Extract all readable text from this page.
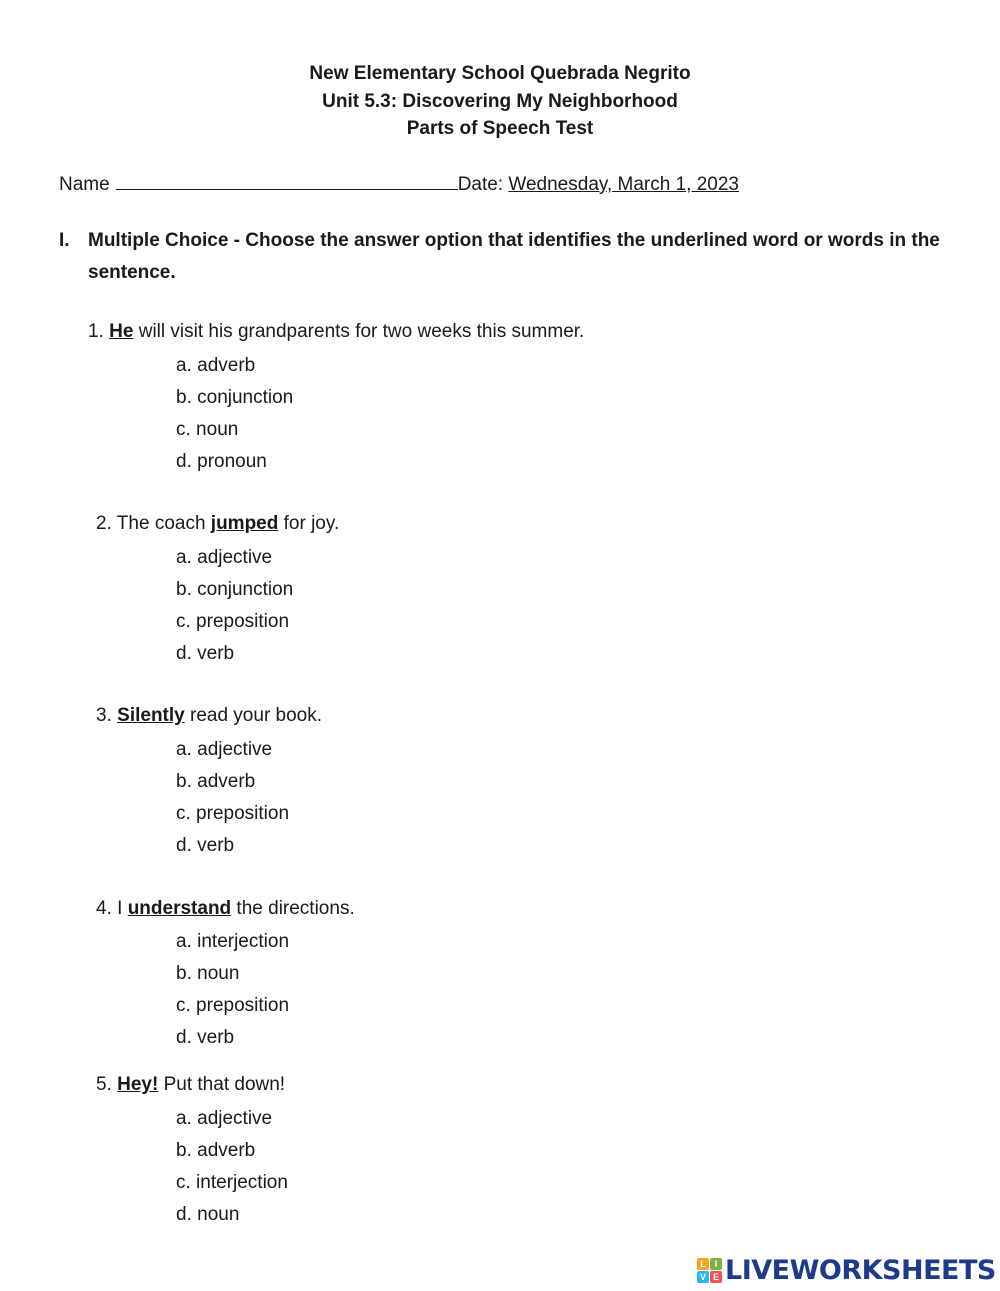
New Elementary School Quebrada Negrito
Unit 5.3: Discovering My Neighborhood
Parts of Speech Test
Name	Date: Wednesday, March 1, 2023
I. Multiple Choice - Choose the answer option that identifies the underlined word or words in the sentence.
1. He will visit his grandparents for two weeks this summer.
a. adverb
b. conjunction
c. noun
d. pronoun
2. The coach jumped for joy.
a. adjective
b. conjunction
c. preposition
d. verb
3. Silently read your book.
a. adjective
b. adverb
c. preposition
d. verb
4. I understand the directions.
a. interjection
b. noun
c. preposition
d. verb
5. Hey! Put that down!
a. adjective
b. adverb
c. interjection
d. noun
L I
V E LIVEWORKSHEETS
